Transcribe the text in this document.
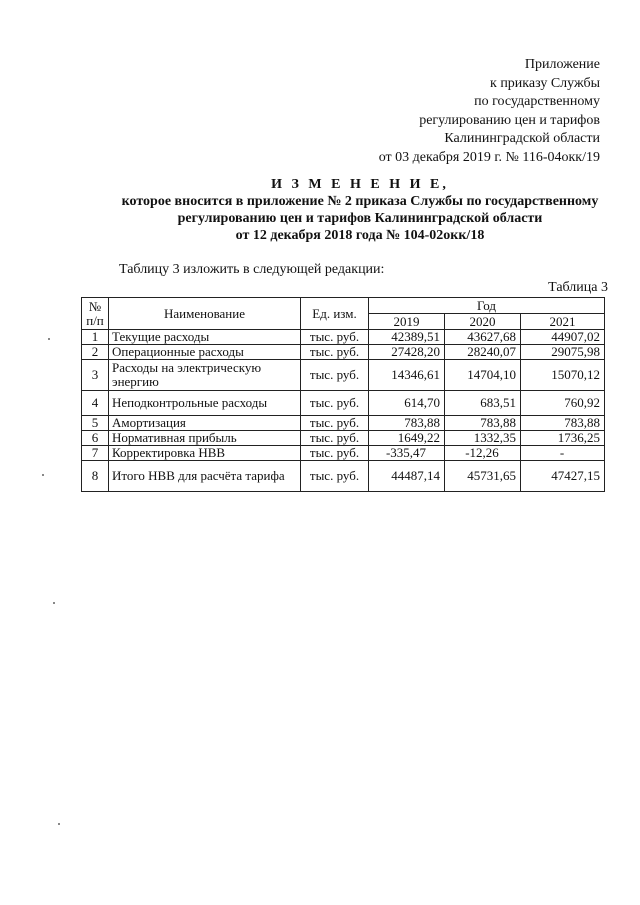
Приложение
к приказу Службы
по государственному
регулированию цен и тарифов
Калининградской области
от 03 декабря 2019 г. № 116-04окк/19
И З М Е Н Е Н И Е,
которое вносится в приложение № 2 приказа Службы по государственному
регулированию цен и тарифов Калининградской области
от 12 декабря 2018 года № 104-02окк/18
Таблицу 3 изложить в следующей редакции:
Таблица 3
№ п/п	Наименование	Ед. изм.	Год		
			2019	2020	2021
1	Текущие расходы	тыс. руб.	42389,51	43627,68	44907,02
2	Операционные расходы	тыс. руб.	27428,20	28240,07	29075,98
3	Расходы на электрическую энергию	тыс. руб.	14346,61	14704,10	15070,12
4	Неподконтрольные расходы	тыс. руб.	614,70	683,51	760,92
5	Амортизация	тыс. руб.	783,88	783,88	783,88
6	Нормативная прибыль	тыс. руб.	1649,22	1332,35	1736,25
7	Корректировка НВВ	тыс. руб.	-335,47	-12,26	-
8	Итого НВВ для расчёта тарифа	тыс. руб.	44487,14	45731,65	47427,15
